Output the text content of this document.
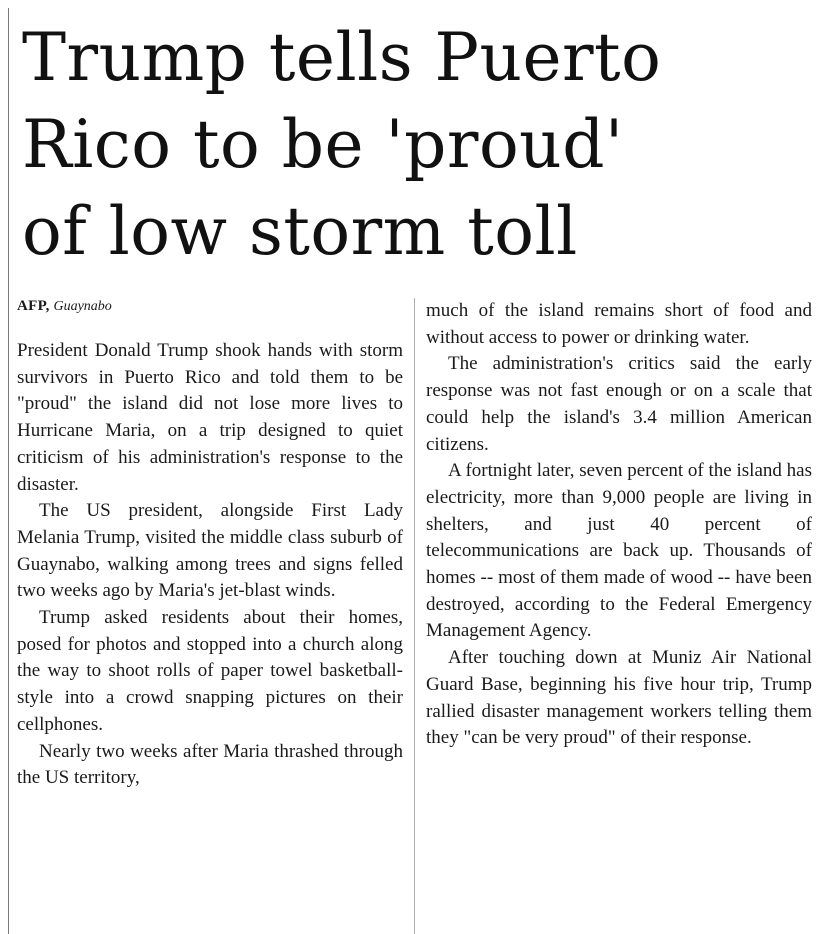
Trump tells Puerto
Rico to be 'proud'
of low storm toll
AFP, Guaynabo

President Donald Trump shook hands with storm survivors in Puerto Rico and told them to be "proud" the island did not lose more lives to Hurricane Maria, on a trip designed to quiet criticism of his administration's response to the disaster.

The US president, alongside First Lady Melania Trump, visited the middle class suburb of Guaynabo, walking among trees and signs felled two weeks ago by Maria's jet-blast winds.

Trump asked residents about their homes, posed for photos and stopped into a church along the way to shoot rolls of paper towel basketball-style into a crowd snapping pictures on their cellphones.

Nearly two weeks after Maria thrashed through the US territory,

much of the island remains short of food and without access to power or drinking water.

The administration's critics said the early response was not fast enough or on a scale that could help the island's 3.4 million American citizens.

A fortnight later, seven percent of the island has electricity, more than 9,000 people are living in shelters, and just 40 percent of telecommunications are back up. Thousands of homes -- most of them made of wood -- have been destroyed, according to the Federal Emergency Management Agency.

After touching down at Muniz Air National Guard Base, beginning his five hour trip, Trump rallied disaster management workers telling them they "can be very proud" of their response.
